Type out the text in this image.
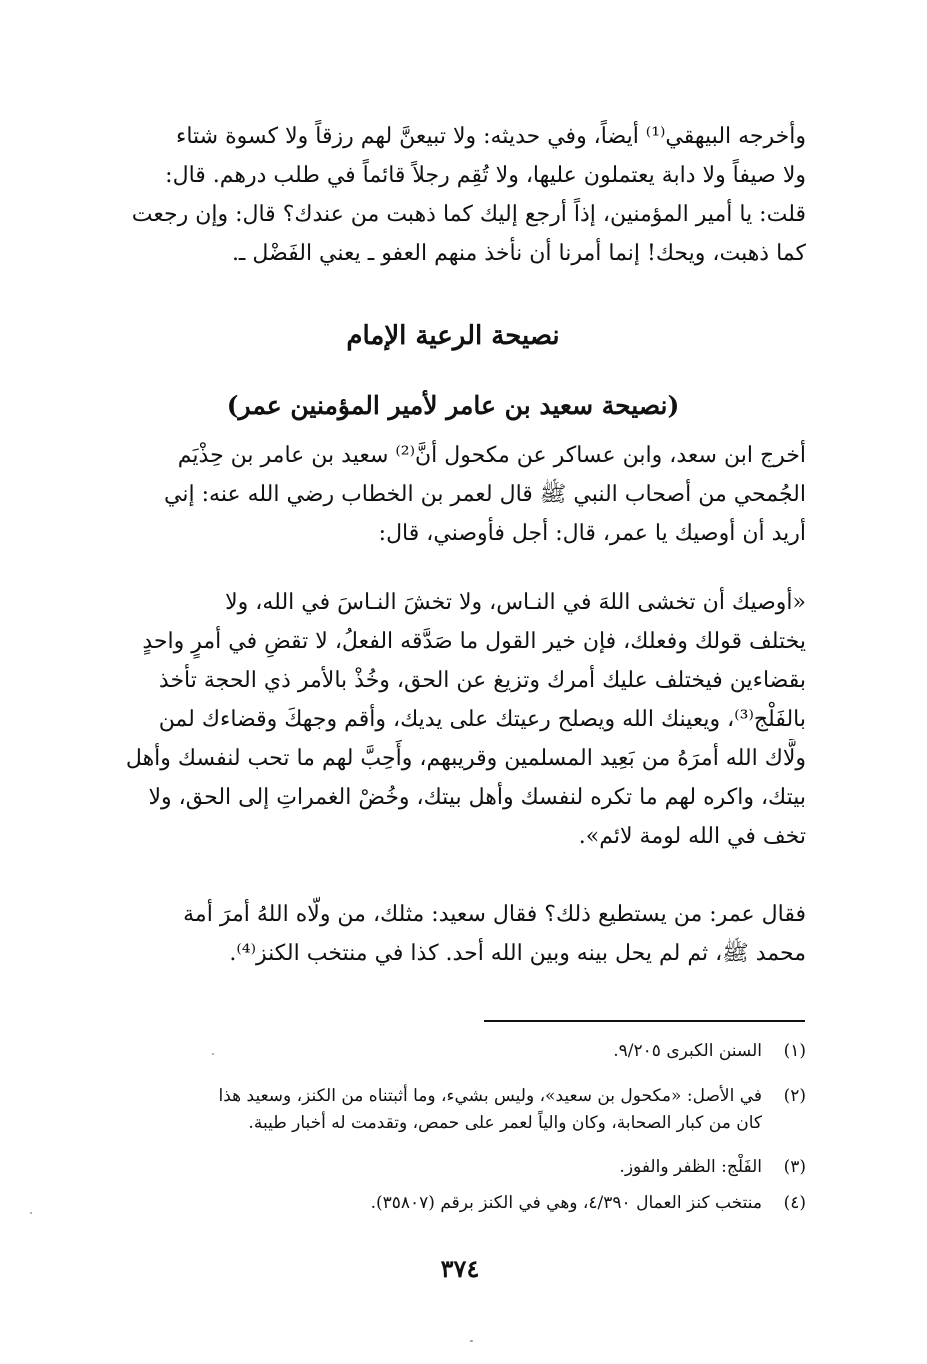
وأخرجه البيهقي⁽¹⁾ أيضاً، وفي حديثه: ولا تبيعنَّ لهم رزقاً ولا كسوة شتاء
ولا صيفاً ولا دابة يعتملون عليها، ولا تُقِم رجلاً قائماً في طلب درهم. قال:
قلت: يا أمير المؤمنين، إذاً أرجع إليك كما ذهبت من عندك؟ قال: وإن رجعت
كما ذهبت، ويحك! إنما أمرنا أن نأخذ منهم العفو ـ يعني الفَضْل ـ.
نصيحة الرعية الإمام
(نصيحة سعيد بن عامر لأمير المؤمنين عمر)
أخرج ابن سعد، وابن عساكر عن مكحول أنَّ⁽²⁾ سعيد بن عامر بن حِذْيَم
الجُمحي من أصحاب النبي ﷺ قال لعمر بن الخطاب رضي الله عنه: إني
أريد أن أوصيك يا عمر، قال: أجل فأوصني، قال:
«أوصيك أن تخشى اللهَ في النـاس، ولا تخشَ النـاسَ في الله، ولا
يختلف قولك وفعلك، فإن خير القول ما صَدَّقه الفعلُ، لا تقضِ في أمرٍ واحدٍ
بقضاءين فيختلف عليك أمرك وتزيغ عن الحق، وخُذْ بالأمر ذي الحجة تأخذ
بالفَلْج⁽³⁾، ويعينك الله ويصلح رعيتك على يديك، وأقم وجهكَ وقضاءك لمن
ولَّاك الله أمرَهُ من بَعِيد المسلمين وقريبهم، وأَحِبَّ لهم ما تحب لنفسك وأهل
بيتك، واكره لهم ما تكره لنفسك وأهل بيتك، وخُضْ الغمراتِ إلى الحق، ولا
تخف في الله لومة لائم».
فقال عمر: من يستطيع ذلك؟ فقال سعيد: مثلك، من ولّاه اللهُ أمرَ أمة
محمد ﷺ، ثم لم يحل بينه وبين الله أحد. كذا في منتخب الكنز⁽⁴⁾.
(١)
السنن الكبرى ٩/٢٠٥.
(٢)
في الأصل: «مكحول بن سعيد»، وليس بشيء، وما أثبتناه من الكنز، وسعيد هذا
كان من كبار الصحابة، وكان والياً لعمر على حمص، وتقدمت له أخبار طيبة.
(٣)
الفَلْج: الظفر والفوز.
(٤)
منتخب كنز العمال ٤/٣٩٠، وهي في الكنز برقم (٣٥٨٠٧).
٣٧٤
